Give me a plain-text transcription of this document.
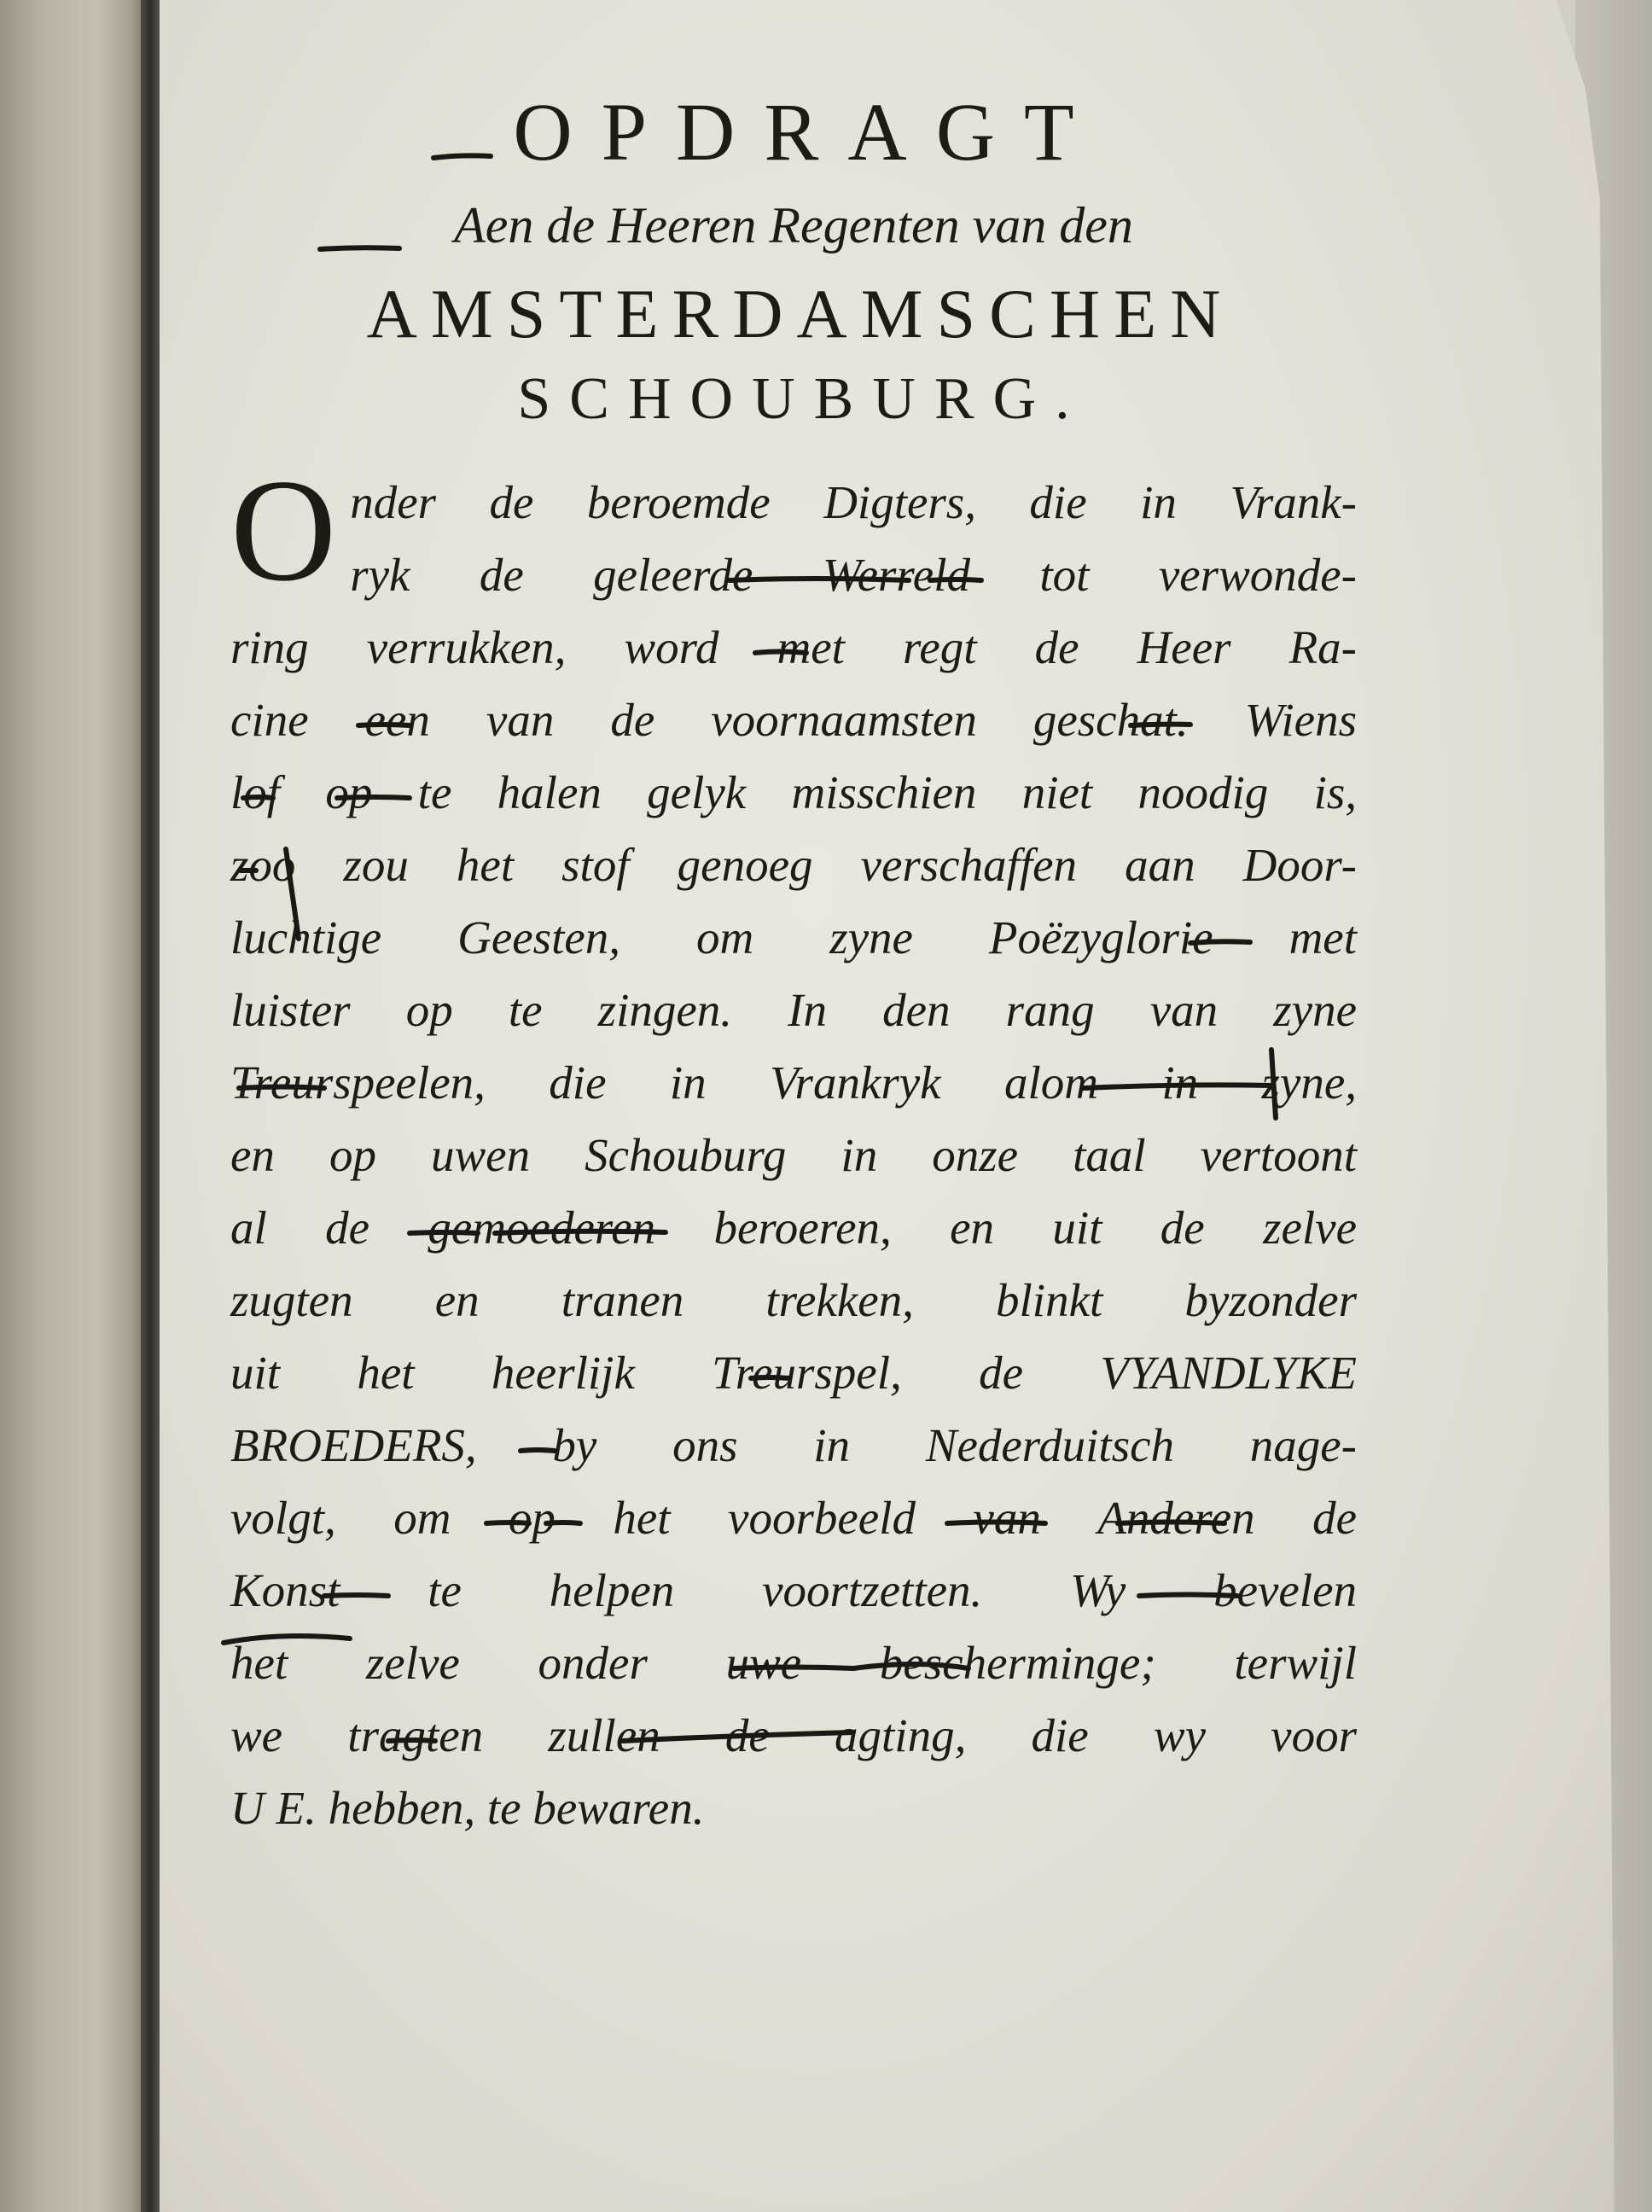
OPDRAGT
Aen de Heeren Regenten van den
AMSTERDAMSCHEN
SCHOUBURG.
O nder de beroemde Digters, die in Vrank-
ryk de geleerde Werreld tot verwonde-
ring verrukken, word met regt de Heer Ra-
cine een van de voornaamsten geschat. Wiens
lof op te halen gelyk misschien niet noodig is,
zoo zou het stof genoeg verschaffen aan Door-
luchtige Geesten, om zyne Poëzyglorie met
luister op te zingen. In den rang van zyne
Treurspeelen, die in Vrankryk alom in zyne,
en op uwen Schouburg in onze taal vertoont
al de gemoederen beroeren, en uit de zelve
zugten en tranen trekken, blinkt byzonder
uit het heerlijk Treurspel, de VYANDLYKE
BROEDERS, by ons in Nederduitsch nage-
volgt, om op het voorbeeld van Anderen de
Konst te helpen voortzetten. Wy bevelen
het zelve onder uwe bescherminge; terwijl
we tragten zullen de agting, die wy voor
U E. hebben, te bewaren.
